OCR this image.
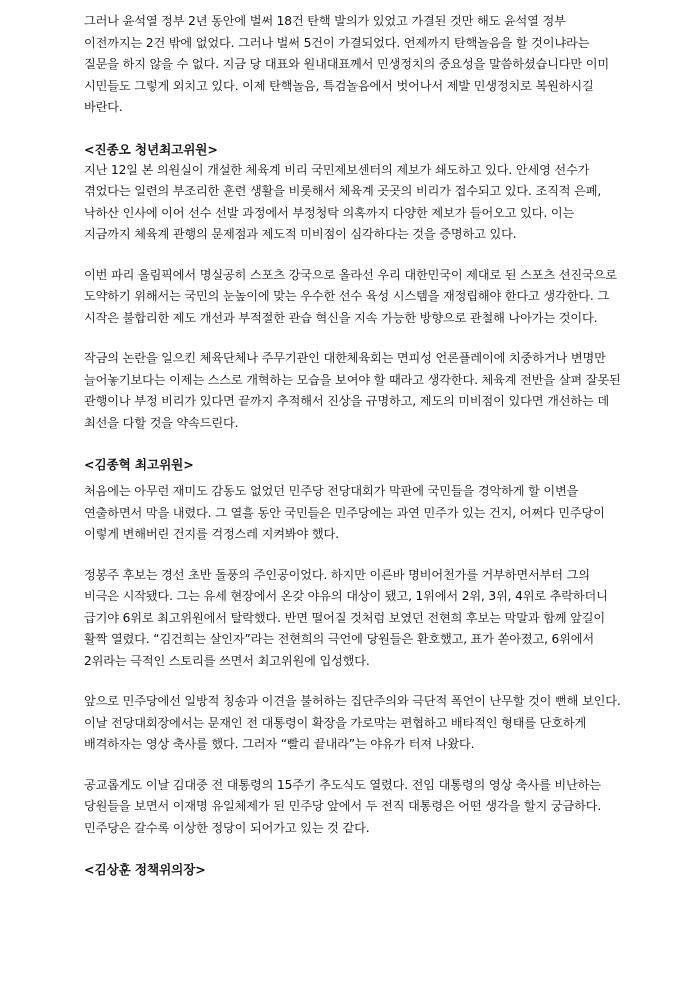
그러나 윤석열 정부 2년 동안에 벌써 18건 탄핵 발의가 있었고 가결된 것만 해도 윤석열 정부 이전까지는 2건 밖에 없었다. 그러나 벌써 5건이 가결되었다. 언제까지 탄핵놀음을 할 것이냐라는 질문을 하지 않을 수 없다. 지금 당 대표와 원내대표께서 민생정치의 중요성을 말씀하셨습니다만 이미 시민들도 그렇게 외치고 있다. 이제 탄핵놀음, 특검놀음에서 벗어나서 제발 민생정치로 복원하시길 바란다.

<진종오 청년최고위원>

지난 12일 본 의원실이 개설한 체육계 비리 국민제보센터의 제보가 쇄도하고 있다. 안세영 선수가 겪었다는 일련의 부조리한 훈련 생활을 비롯해서 체육계 곳곳의 비리가 접수되고 있다. 조직적 은폐, 낙하산 인사에 이어 선수 선발 과정에서 부정청탁 의혹까지 다양한 제보가 들어오고 있다. 이는 지금까지 체육계 관행의 문제점과 제도적 미비점이 심각하다는 것을 증명하고 있다.

이번 파리 올림픽에서 명실공히 스포츠 강국으로 올라선 우리 대한민국이 제대로 된 스포츠 선진국으로 도약하기 위해서는 국민의 눈높이에 맞는 우수한 선수 육성 시스템을 재정립해야 한다고 생각한다. 그 시작은 불합리한 제도 개선과 부적절한 관습 혁신을 지속 가능한 방향으로 관철해 나아가는 것이다.

작금의 논란을 일으킨 체육단체나 주무기관인 대한체육회는 면피성 언론플레이에 치중하거나 변명만 늘어놓기보다는 이제는 스스로 개혁하는 모습을 보여야 할 때라고 생각한다. 체육계 전반을 살펴 잘못된 관행이나 부정 비리가 있다면 끝까지 추적해서 진상을 규명하고, 제도의 미비점이 있다면 개선하는 데 최선을 다할 것을 약속드린다.

<김종혁 최고위원>

처음에는 아무런 재미도 감동도 없었던 민주당 전당대회가 막판에 국민들을 경악하게 할 이변을 연출하면서 막을 내렸다. 그 열흘 동안 국민들은 민주당에는 과연 민주가 있는 건지, 어쩌다 민주당이 이렇게 변해버린 건지를 걱정스레 지켜봐야 했다.

정봉주 후보는 경선 초반 돌풍의 주인공이었다. 하지만 이른바 명비어천가를 거부하면서부터 그의 비극은 시작됐다. 그는 유세 현장에서 온갖 야유의 대상이 됐고, 1위에서 2위, 3위, 4위로 추락하더니 급기야 6위로 최고위원에서 탈락했다. 반면 떨어질 것처럼 보였던 전현희 후보는 막말과 함께 앞길이 활짝 열렸다. “김건희는 살인자”라는 전현희의 극언에 당원들은 환호했고, 표가 쏟아졌고, 6위에서 2위라는 극적인 스토리를 쓰면서 최고위원에 입성했다.

앞으로 민주당에선 일방적 칭송과 이견을 불허하는 집단주의와 극단적 폭언이 난무할 것이 뻔해 보인다. 이날 전당대회장에서는 문재인 전 대통령이 확장을 가로막는 편협하고 배타적인 형태를 단호하게 배격하자는 영상 축사를 했다. 그러자 “빨리 끝내라”는 야유가 터져 나왔다.

공교롭게도 이날 김대중 전 대통령의 15주기 추도식도 열렸다. 전임 대통령의 영상 축사를 비난하는 당원들을 보면서 이재명 유일체제가 된 민주당 앞에서 두 전직 대통령은 어떤 생각을 할지 궁금하다. 민주당은 갈수록 이상한 정당이 되어가고 있는 것 같다.

<김상훈 정책위의장>
